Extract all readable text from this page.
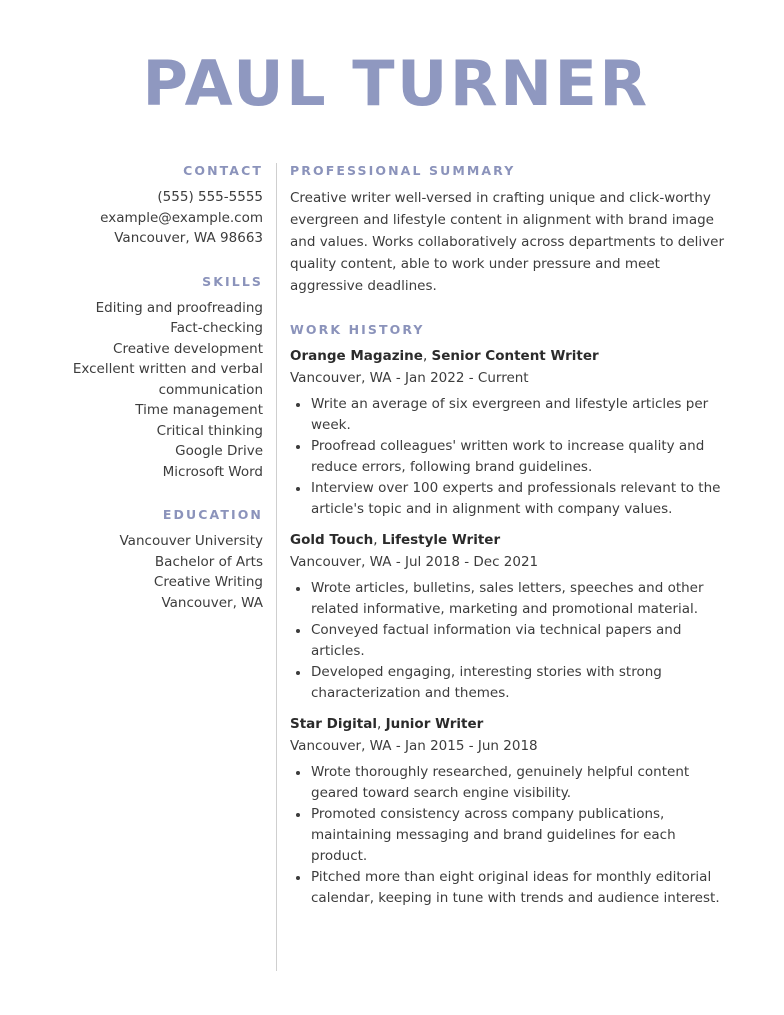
PAUL TURNER
CONTACT
(555) 555-5555
example@example.com
Vancouver, WA 98663
SKILLS
Editing and proofreading
Fact-checking
Creative development
Excellent written and verbal communication
Time management
Critical thinking
Google Drive
Microsoft Word
EDUCATION
Vancouver University
Bachelor of Arts
Creative Writing
Vancouver, WA
PROFESSIONAL SUMMARY

Creative writer well-versed in crafting unique and click-worthy evergreen and lifestyle content in alignment with brand image and values. Works collaboratively across departments to deliver quality content, able to work under pressure and meet aggressive deadlines.

WORK HISTORY

Orange Magazine, Senior Content Writer

Vancouver, WA - Jan 2022 - Current

Write an average of six evergreen and lifestyle articles per week.
Proofread colleagues' written work to increase quality and reduce errors, following brand guidelines.
Interview over 100 experts and professionals relevant to the article's topic and in alignment with company values.

Gold Touch, Lifestyle Writer

Vancouver, WA - Jul 2018 - Dec 2021

Wrote articles, bulletins, sales letters, speeches and other related informative, marketing and promotional material.
Conveyed factual information via technical papers and articles.
Developed engaging, interesting stories with strong characterization and themes.

Star Digital, Junior Writer

Vancouver, WA - Jan 2015 - Jun 2018

Wrote thoroughly researched, genuinely helpful content geared toward search engine visibility.
Promoted consistency across company publications, maintaining messaging and brand guidelines for each product.
Pitched more than eight original ideas for monthly editorial calendar, keeping in tune with trends and audience interest.
